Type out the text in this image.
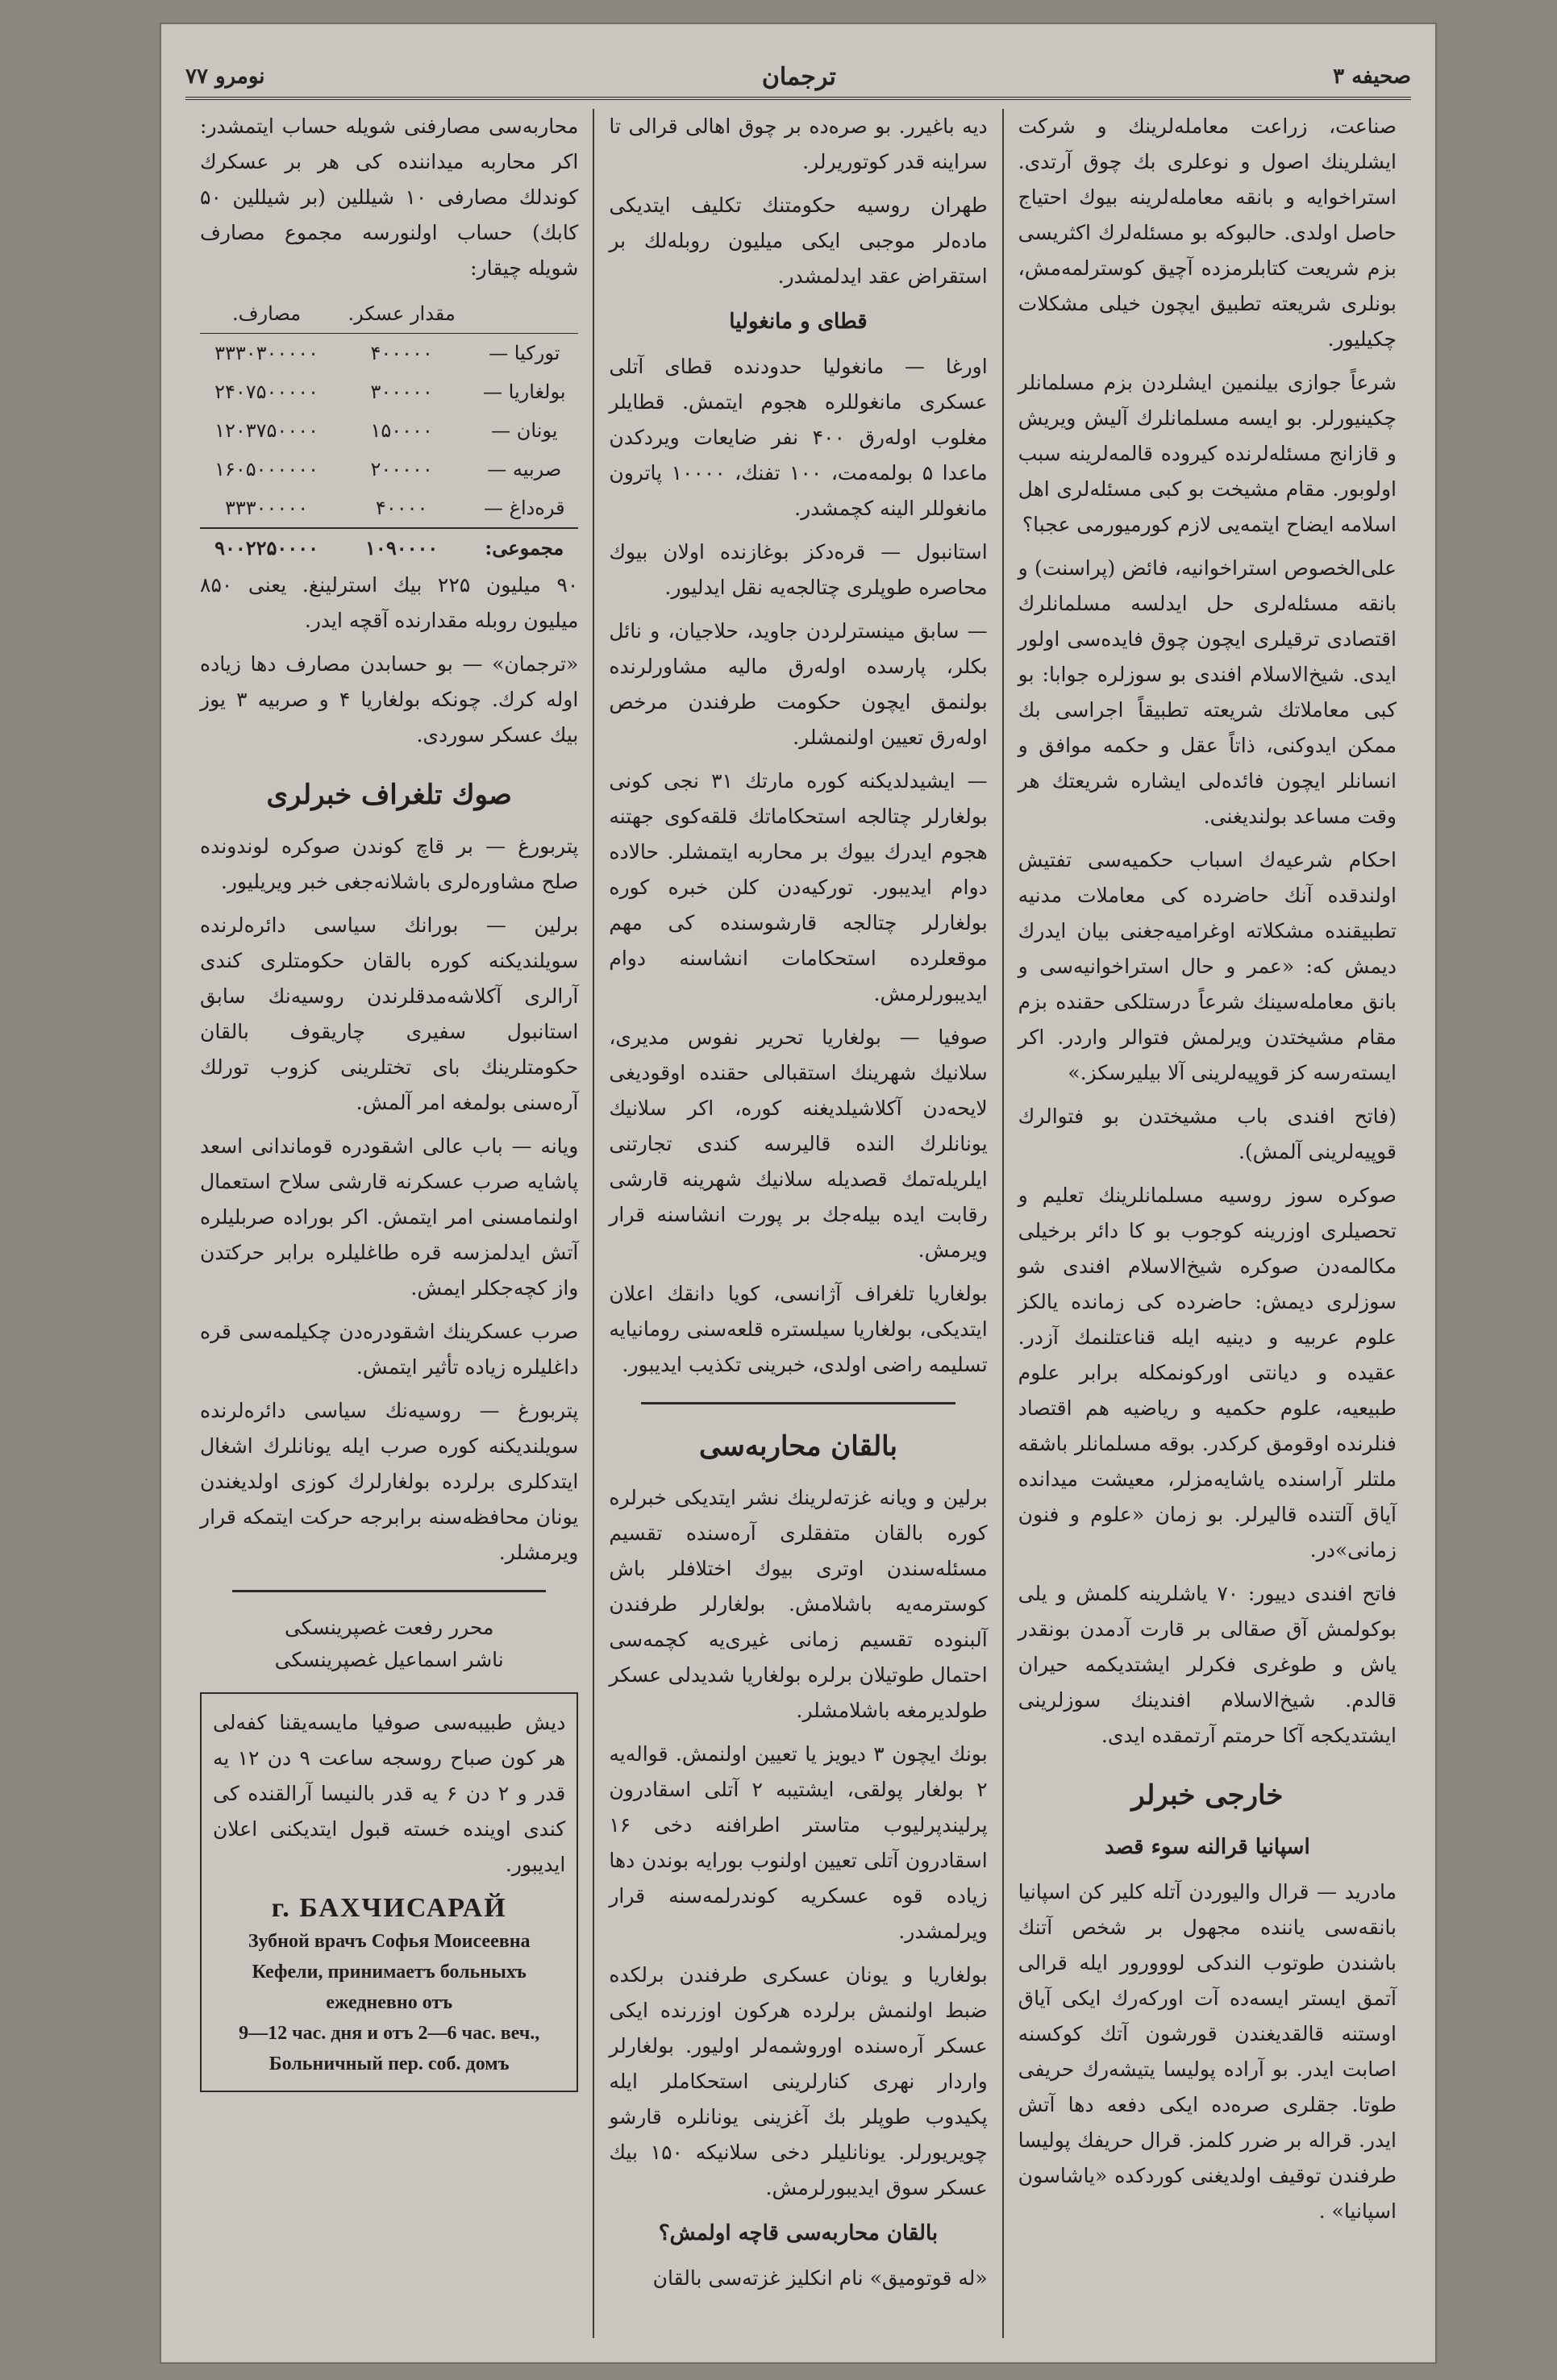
صحیفه ۳
ترجمان
نومرو ۷۷

صناعت، زراعت معامله‌لرینك و شرکت ایشلرینك اصول و نوعلری بك چوق آرتدی. استراخوایه و بانقه معامله‌لرینه بیوك احتیاج حاصل اولدی. حالبوکه بو مسئله‌لرك اکثریسی بزم شریعت کتابلرمزده آچیق کوسترلمه‌مش، بونلری شریعته تطبیق ایچون خیلی مشکلات چکیلیور.

شرعاً جوازی بیلنمین ایشلردن بزم مسلمانلر چکینیورلر. بو ایسه مسلمانلرك آلیش ویریش و قازانج مسئله‌لرنده کیروده قالمه‌لرینه سبب اولوبور. مقام مشیخت بو کبی مسئله‌لری اهل اسلامه ایضاح ایتمه‌یی لازم کورمیورمی عجبا؟

علی‌الخصوص استراخوانیه، فائض (پراسنت) و بانقه مسئله‌لری حل ایدلسه مسلمانلرك اقتصادی ترقیلری ایچون چوق فایده‌سی اولور ایدی. شیخ‌الاسلام افندی بو سوزلره جوابا: بو کبی معاملاتك شریعته تطبیقاً اجراسی بك ممکن ایدوکنی، ذاتاً عقل و حکمه موافق و انسانلر ایچون فائده‌لی ایشاره شریعتك هر وقت مساعد بولندیغنی.

احکام شرعیه‌ك اسباب حکمیه‌سی تفتیش اولندقده آنك حاضرده کی معاملات مدنیه تطبیقنده مشکلاته اوغرامیه‌جغنی بیان ایدرك دیمش که: «عمر و حال استراخوانیه‌سی و بانق معامله‌سینك شرعاً درستلکی حقنده بزم مقام مشیختدن ویرلمش فتوالر واردر. اکر ایسته‌رسه کز قوپیه‌لرینی آلا بیلیرسکز.»

(فاتح افندی باب مشیختدن بو فتوالرك قوپیه‌لرینی آلمش).

صوکره سوز روسیه مسلمانلرینك تعلیم و تحصیلری اوزرینه کوجوب بو کا دائر برخیلی مکالمه‌دن صوکره شیخ‌الاسلام افندی شو سوزلری دیمش: حاضرده کی زمانده یالکز علوم عربیه و دینیه ایله قناعتلنمك آزدر. عقیده و دیانتی اورکونمکله برابر علوم طبیعیه، علوم حکمیه و ریاضیه هم اقتصاد فنلرنده اوقومق کرکدر. بوقه مسلمانلر باشقه ملتلر آراسنده یاشایه‌مزلر، معیشت میدانده آیاق آلتنده قالیرلر. بو زمان «علوم و فنون زمانی»در.

فاتح افندی دییور: ۷۰ یاشلرینه کلمش و یلی بوکولمش آق صقالی بر قارت آدمدن بونقدر یاش و طوغری فکرلر ایشتدیکمه حیران قالدم. شیخ‌الاسلام افندینك سوزلرینی ایشتدیکجه آکا حرمتم آرتمقده ایدی.

خارجی خبرلر
اسپانیا قرالنه سوء قصد

مادرید — قرال والیوردن آتله کلیر کن اسپانیا بانقه‌سی یاننده مجهول بر شخص آتنك باشندن طوتوب الندکی لووورور ایله قرالی آتمق ایستر ایسه‌ده آت اورکه‌رك ایکی آیاق اوستنه قالقدیغندن قورشون آتك کوکسنه اصابت ایدر. بو آراده پولیسا یتیشه‌رك حریفی طوتا. جقلری صره‌ده ایکی دفعه دها آتش ایدر. قراله بر ضرر کلمز. قرال حریفك پولیسا طرفندن توقیف اولدیغنی کوردکده «یاشاسون اسپانیا» .

دیه باغیرر. بو صره‌ده بر چوق اهالی قرالی تا سراینه قدر کوتوریرلر.

طهران روسیه حکومتنك تکلیف ایتدیکی مادەلر موجبی ایکی میلیون روبله‌لك بر استقراض عقد ایدلمشدر.

قطای و مانغولیا

اورغا — مانغولیا حدودنده قطای آتلی عسکری مانغوللره هجوم ایتمش. قطایلر مغلوب اوله‌رق ۴۰۰ نفر ضایعات ویردکدن ماعدا ۵ بولمه‌مت، ۱۰۰ تفنك، ۱۰۰۰۰ پاترون مانغوللر الینه کچمشدر.

استانبول — قره‌دکز بوغازنده اولان بیوك محاصره طوپلری چتالجه‌یه نقل ایدلیور.

— سابق مینسترلردن جاوید، حلاجیان، و نائل بکلر، پارسده اوله‌رق مالیه مشاورلرنده بولنمق ایچون حکومت طرفندن مرخص اوله‌رق تعیین اولنمشلر.

— ایشیدلدیکنه کوره مارتك ۳۱ نجی کونی بولغارلر چتالجه استحکاماتك قلقه‌کوی جهتنه هجوم ایدرك بیوك بر محاربه ایتمشلر. حالاده دوام ایدیبور. تورکیه‌دن کلن خبره کوره بولغارلر چتالجه قارشوسنده کی مهم موقعلرده استحکامات انشاسنه دوام ایدیبورلرمش.

صوفیا — بولغاریا تحریر نفوس مدیری، سلانیك شهرینك استقبالی حقنده اوقودیغی لایحه‌دن آکلاشیلدیغنه کوره، اکر سلانیك یونانلرك النده قالیرسه کندی تجارتنی ایلریله‌تمك قصدیله سلانیك شهرینه قارشی رقابت ایده بیله‌جك بر پورت انشاسنه قرار ویرمش.

بولغاریا تلغراف آژانسی، کویا دانقك اعلان ایتدیکی، بولغاریا سیلستره قلعه‌سنی رومانیایه تسلیمه راضی اولدی، خبرینی تکذیب ایدیبور.

بالقان محاربه‌سی

برلین و ویانه غزته‌لرینك نشر ایتدیکی خبرلره کوره بالقان متفقلری آره‌سنده تقسیم مسئله‌سندن اوتری بیوك اختلافلر باش کوسترمه‌یه باشلامش. بولغارلر طرفندن آلبنوده تقسیم زمانی غیری‌یه کچمه‌سی احتمال طوتیلان برلره بولغاریا شدیدلی عسکر طولدیرمغه باشلامشلر.

بونك ایچون ۳ دیویز یا تعیین اولنمش. قواله‌یه ۲ بولغار پولقی، ایشتیبه ۲ آتلی اسقادرون پرلیندپرلیوب متاستر اطرافنه دخی ۱۶ اسقادرون آتلی تعیین اولنوب بورایه بوندن دها زیاده قوه عسکریه کوندرلمه‌سنه قرار ویرلمشدر.

بولغاریا و یونان عسکری طرفندن برلکده ضبط اولنمش برلرده هرکون اوزرنده ایکی عسکر آره‌سنده اوروشمه‌لر اولیور. بولغارلر واردار نهری کنارلرینی استحکاملر ایله پکیدوب طوپلر بك آغزینی یونانلره قارشو چویریورلر. یونانلیلر دخی سلانیکه ۱۵۰ بیك عسکر سوق ایدیبورلرمش.

بالقان محاربه‌سی قاچه اولمش؟

«له قوتومیق» نام انکلیز غزته‌سی بالقان

محاربه‌سی مصارفنی شویله حساب ایتمشدر: اکر محاربه میداننده کی هر بر عسکرك کوندلك مصارفی ۱۰ شیللین (بر شیللین ۵۰ کابك) حساب اولنورسه مجموع مصارف شویله چیقار:

	مقدار عسکر.	مصارف.
تورکیا —	۴۰۰۰۰۰	۳۳۳۰۳۰۰۰۰۰
بولغاریا —	۳۰۰۰۰۰	۲۴۰۷۵۰۰۰۰۰
یونان —	۱۵۰۰۰۰	۱۲۰۳۷۵۰۰۰۰
صربیه —	۲۰۰۰۰۰	۱۶۰۵۰۰۰۰۰۰
قره‌داغ —	۴۰۰۰۰	۳۳۳۰۰۰۰۰
مجموعی:	۱۰۹۰۰۰۰	۹۰۰۲۲۵۰۰۰۰

۹۰ میلیون ۲۲۵ بیك استرلینغ. یعنی ۸۵۰ میلیون روبله مقدارنده آقچه ایدر.

«ترجمان» — بو حسابدن مصارف دها زیاده اوله کرك. چونکه بولغاریا ۴ و صربیه ۳ یوز بیك عسکر سوردی.

صوك تلغراف خبرلری

پتربورغ — بر قاچ کوندن صوکره لوندونده صلح مشاوره‌لری باشلانه‌جغی خبر ویریلیور.

برلین — بورانك سیاسی دائره‌لرنده سویلندیکنه کوره بالقان حکومتلری کندی آرالری آکلاشه‌مدقلرندن روسیه‌نك سابق استانبول سفیری چاریقوف بالقان حکومتلرینك بای تختلرینی کزوب تورلك آره‌سنی بولمغه امر آلمش.

ویانه — باب عالی اشقودره قوماندانی اسعد پاشایه صرب عسکرنه قارشی سلاح استعمال اولنمامسنی امر ایتمش. اکر بوراده صربلیلره آتش ایدلمزسه قره طاغلیلره برابر حرکتدن واز کچه‌جکلر ایمش.

صرب عسکرینك اشقودره‌دن چکیلمه‌سی قره داغلیلره زیاده تأثیر ایتمش.

پتربورغ — روسیه‌نك سیاسی دائره‌لرنده سویلندیکنه کوره صرب ایله یونانلرك اشغال ایتدکلری برلرده بولغارلرك کوزی اولدیغندن یونان محافظه‌سنه برابرجه حرکت ایتمکه قرار ویرمشلر.

محرر رفعت غصپرینسکی
ناشر اسماعیل غصپرینسکی

دیش طبیبه‌سی صوفیا مایسه‌یقنا کفه‌لی هر کون صباح روسجه ساعت ۹ دن ۱۲ یه قدر و ۲ دن ۶ یه قدر بالنیسا آرالقنده کی کندی اوینده خسته قبول ایتدیکنی اعلان ایدیبور.

г. БАХЧИСАРАЙ
Зубной врачъ Софья Моисеевна Кефели, принимаетъ больныхъ ежедневно отъ
9—12 час. дня и отъ 2—6 час. веч.,
Больничный пер. соб. домъ
